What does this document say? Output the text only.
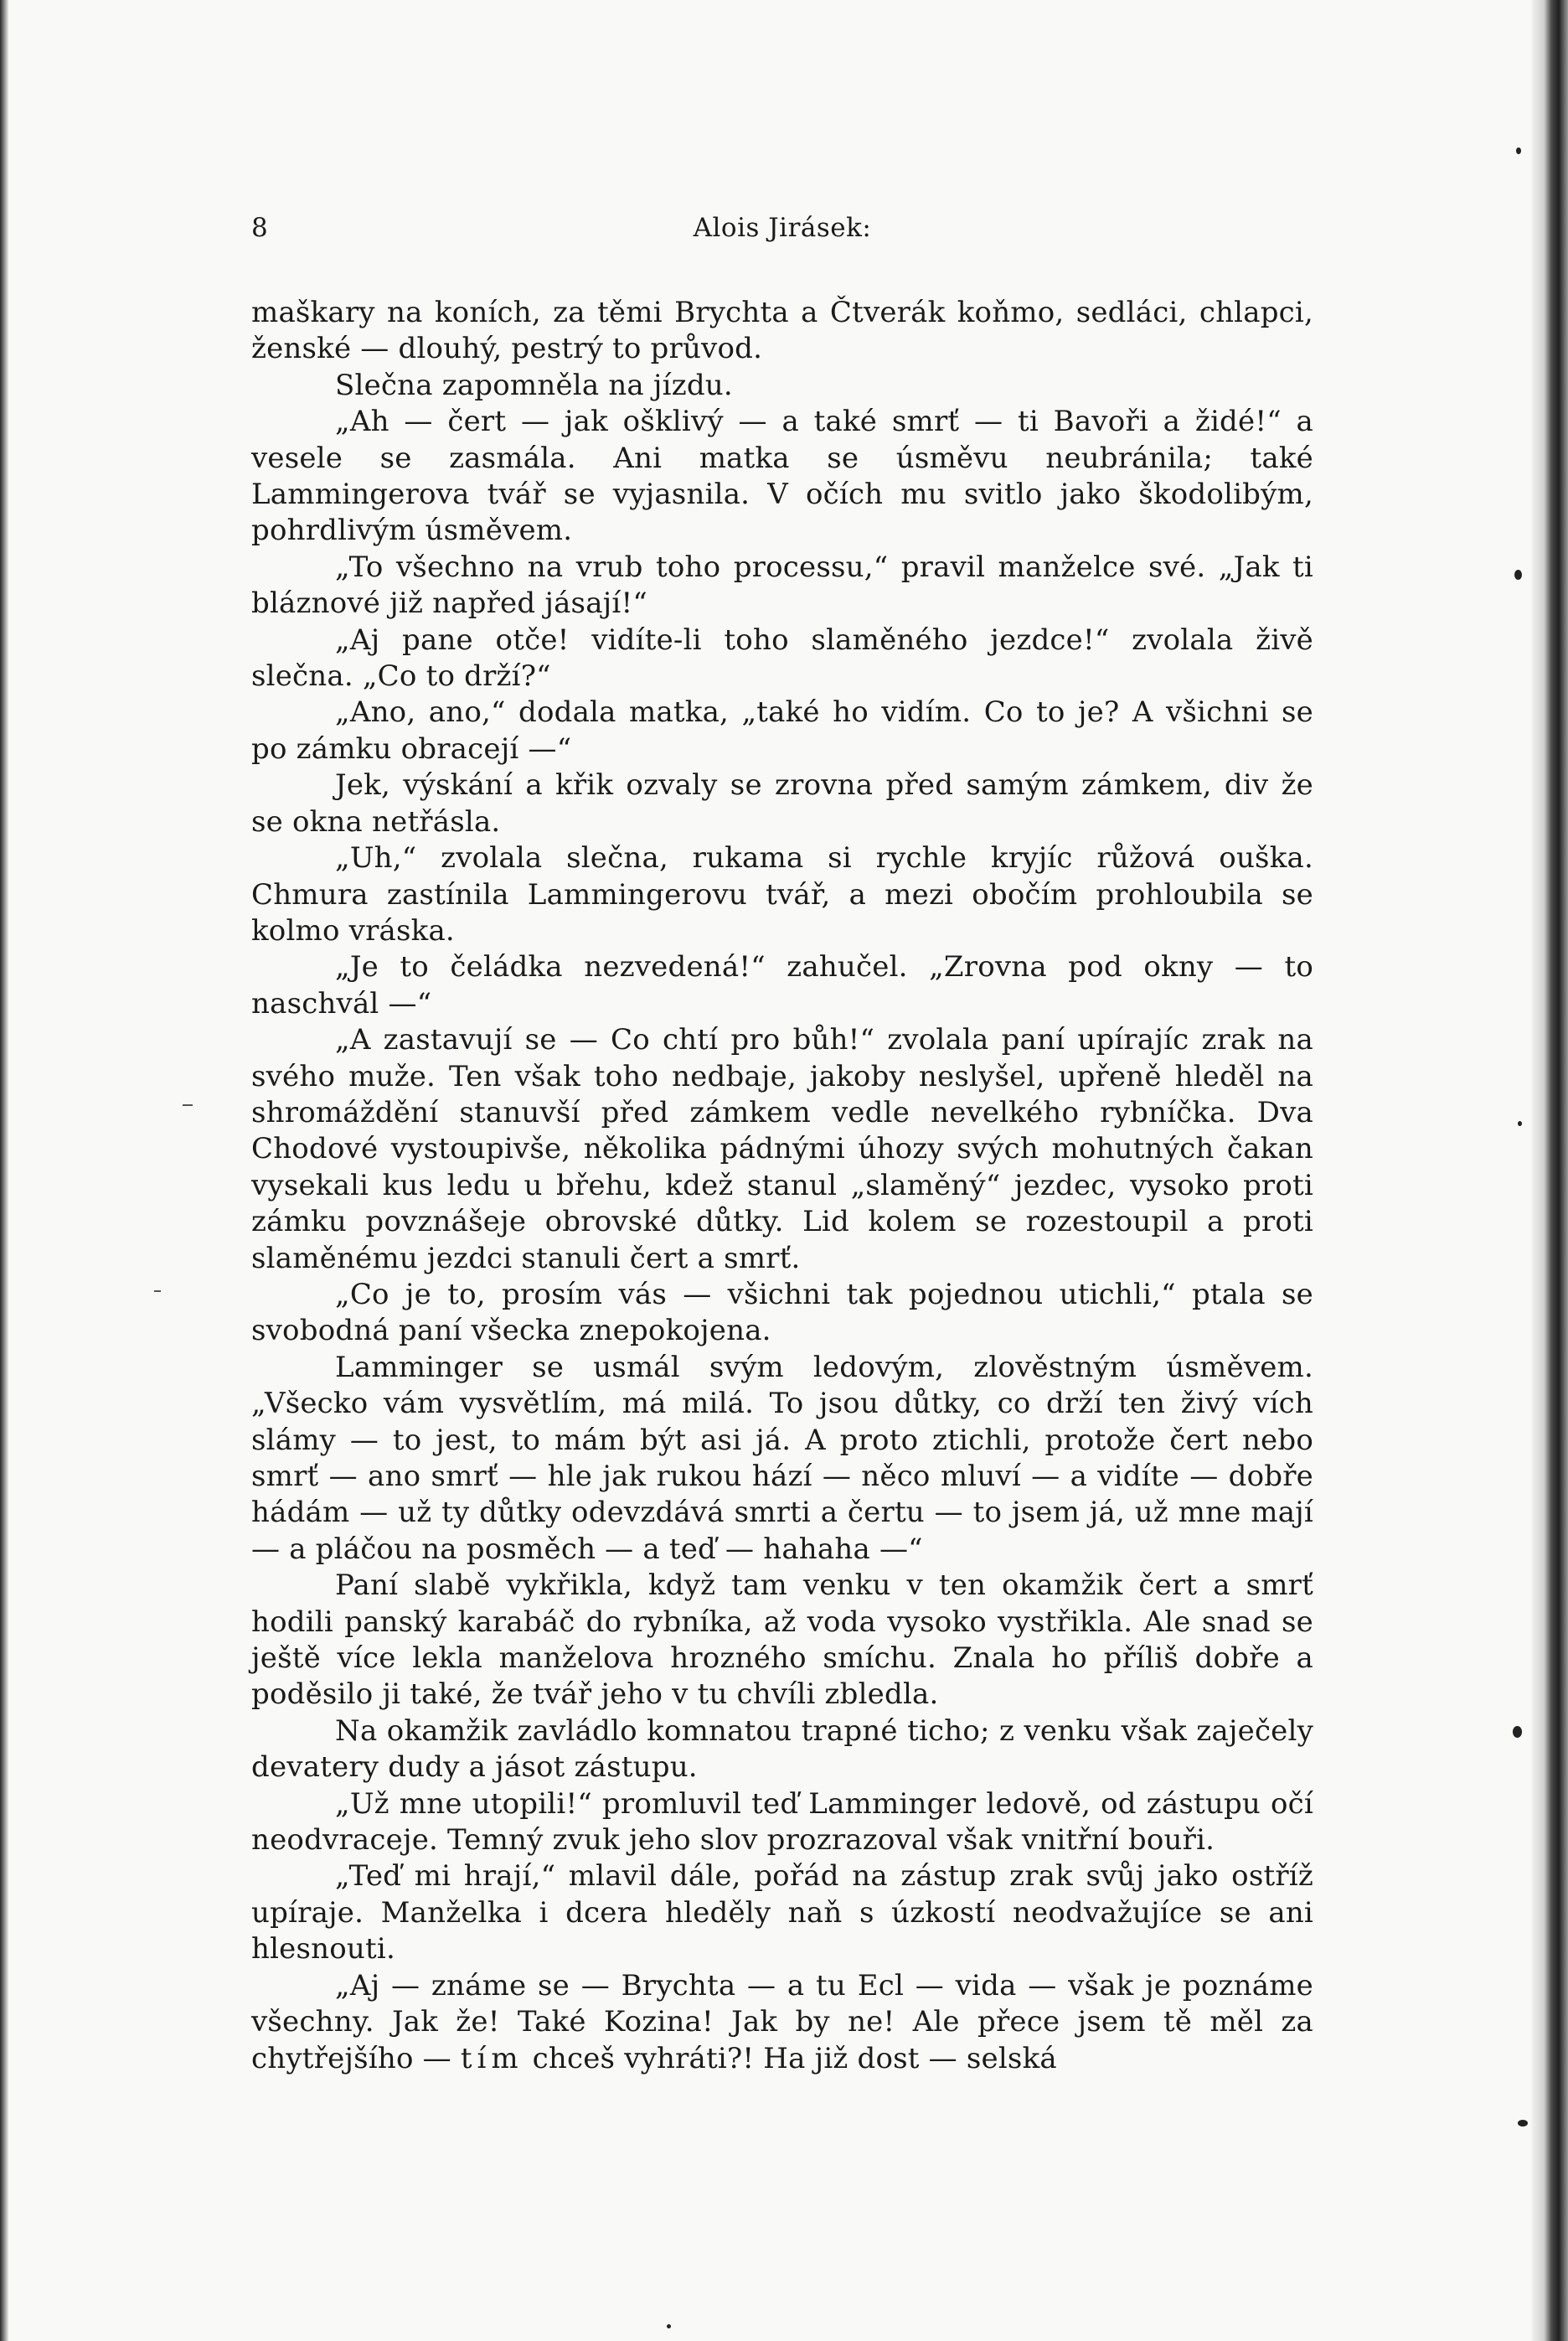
8	Alois Jirásek:

maškary na koních, za těmi Brychta a Čtverák koňmo, sedláci, chlapci, ženské — dlouhý, pestrý to průvod.

Slečna zapomněla na jízdu.

„Ah — čert — jak ošklivý — a také smrť — ti Bavoři a židé!“ a vesele se zasmála. Ani matka se úsměvu neubránila; také Lammingerova tvář se vyjasnila. V očích mu svitlo jako škodolibým, pohrdlivým úsměvem.

„To všechno na vrub toho processu,“ pravil manželce své. „Jak ti bláznové již napřed jásají!“

„Aj pane otče! vidíte-li toho slaměného jezdce!“ zvolala živě slečna. „Co to drží?“

„Ano, ano,“ dodala matka, „také ho vidím. Co to je? A všichni se po zámku obracejí —“

Jek, výskání a křik ozvaly se zrovna před samým zámkem, div že se okna netřásla.

„Uh,“ zvolala slečna, rukama si rychle kryjíc růžová ouška. Chmura zastínila Lammingerovu tvář, a mezi obočím prohloubila se kolmo vráska.

„Je to čeládka nezvedená!“ zahučel. „Zrovna pod okny — to naschvál —“

„A zastavují se — Co chtí pro bůh!“ zvolala paní upírajíc zrak na svého muže. Ten však toho nedbaje, jakoby neslyšel, upřeně hleděl na shromáždění stanuvší před zámkem vedle nevelkého rybníčka. Dva Chodové vystoupivše, několika pádnými úhozy svých mohutných čakan vysekali kus ledu u břehu, kdež stanul „slaměný“ jezdec, vysoko proti zámku povznášeje obrovské důtky. Lid kolem se rozestoupil a proti slaměnému jezdci stanuli čert a smrť.

„Co je to, prosím vás — všichni tak pojednou utichli,“ ptala se svobodná paní všecka znepokojena.

Lamminger se usmál svým ledovým, zlověstným úsměvem. „Všecko vám vysvětlím, má milá. To jsou důtky, co drží ten živý vích slámy — to jest, to mám být asi já. A proto ztichli, protože čert nebo smrť — ano smrť — hle jak rukou hází — něco mluví — a vidíte — dobře hádám — už ty důtky odevzdává smrti a čertu — to jsem já, už mne mají — a pláčou na posměch — a teď — hahaha —“

Paní slabě vykřikla, když tam venku v ten okamžik čert a smrť hodili panský karabáč do rybníka, až voda vysoko vystřikla. Ale snad se ještě více lekla manželova hrozného smíchu. Znala ho příliš dobře a poděsilo ji také, že tvář jeho v tu chvíli zbledla.

Na okamžik zavládlo komnatou trapné ticho; z venku však zaječely devatery dudy a jásot zástupu.

„Už mne utopili!“ promluvil teď Lamminger ledově, od zástupu očí neodvraceje. Temný zvuk jeho slov prozrazoval však vnitřní bouři.

„Teď mi hrají,“ mlavil dále, pořád na zástup zrak svůj jako ostříž upíraje. Manželka i dcera hleděly naň s úzkostí neodvažujíce se ani hlesnouti.

„Aj — známe se — Brychta — a tu Ecl — vida — však je poznáme všechny. Jak že! Také Kozina! Jak by ne! Ale přece jsem tě měl za chytřejšího — tím chceš vyhráti?! Ha již dost — selská
